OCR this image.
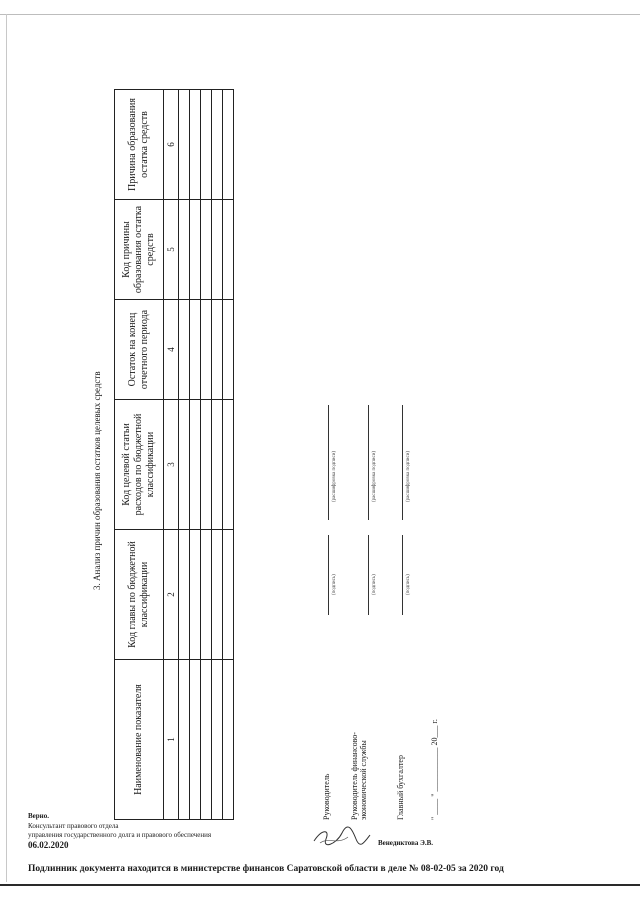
3. Анализ причин образования остатков целевых средств
Наименование показателя	Код главы по бюджетной классификации	Код целевой статьи расходов по бюджетной классификации	Остаток на конец отчетного периода	Код причины образования остатка средств	Причина образования остатка средств
1	2	3	4	5	6

Руководитель
(подпись)
(расшифровка подписи)
Руководитель финансово-экономической службы
(подпись)
(расшифровка подписи)
Главный бухгалтер
(подпись)
(расшифровка подписи)
" ____ " ___________ 20___ г.
Верно.
Консультант правового отдела
управления государственного долга и правового обеспечения
06.02.2020	Венедиктова Э.В.
Подлинник документа находится в министерстве финансов Саратовской области в деле № 08-02-05 за 2020 год
